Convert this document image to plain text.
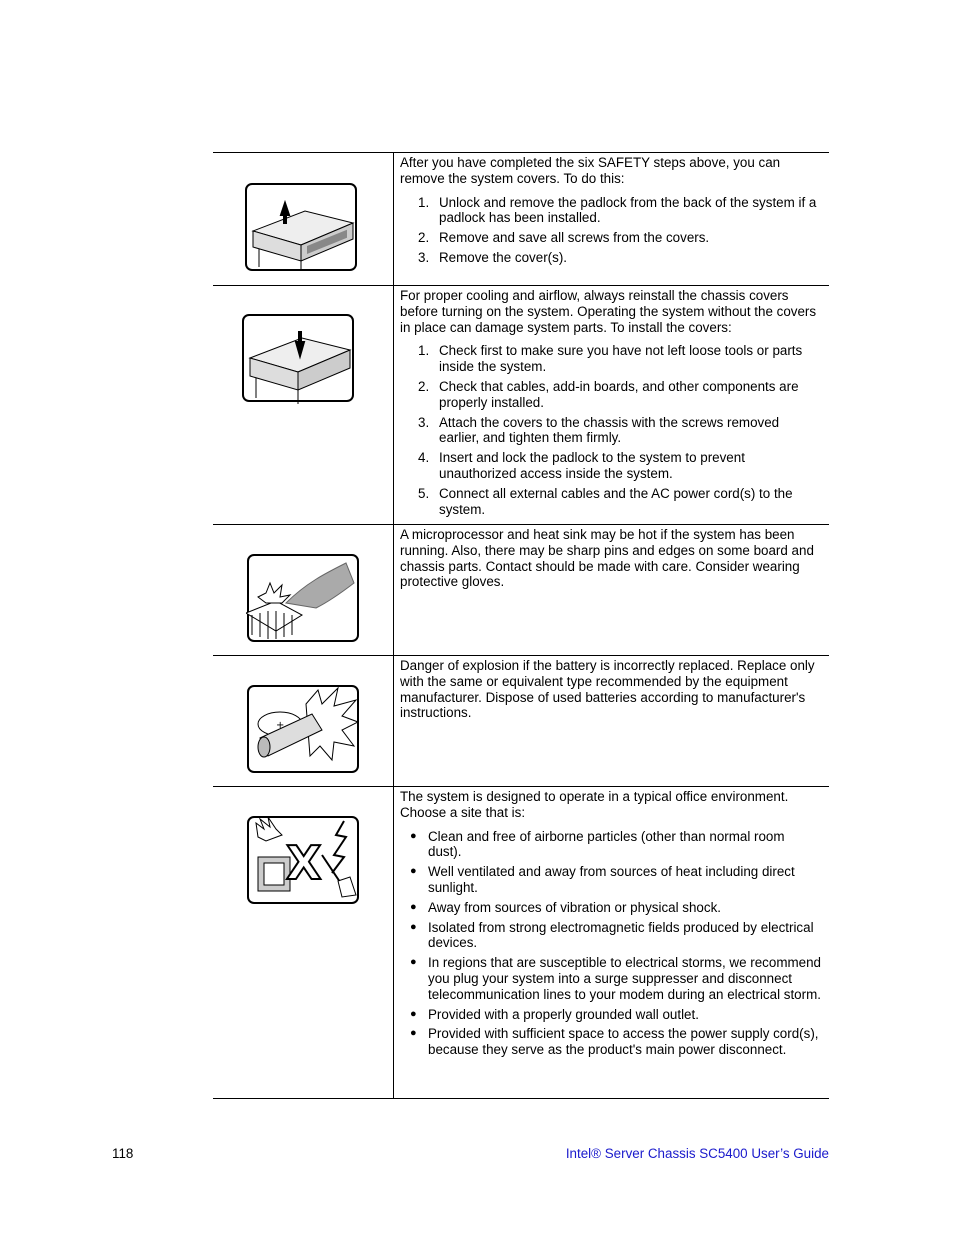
After you have completed the six SAFETY steps above, you can remove the system covers. To do this:

1. Unlock and remove the padlock from the back of the system if a padlock has been installed.
2. Remove and save all screws from the covers.
3. Remove the cover(s).

For proper cooling and airflow, always reinstall the chassis covers before turning on the system. Operating the system without the covers in place can damage system parts. To install the covers:

1. Check first to make sure you have not left loose tools or parts inside the system.
2. Check that cables, add-in boards, and other components are properly installed.
3. Attach the covers to the chassis with the screws removed earlier, and tighten them firmly.
4. Insert and lock the padlock to the system to prevent unauthorized access inside the system.
5. Connect all external cables and the AC power cord(s) to the system.

A microprocessor and heat sink may be hot if the system has been running. Also, there may be sharp pins and edges on some board and chassis parts. Contact should be made with care. Consider wearing protective gloves.

+

Danger of explosion if the battery is incorrectly replaced. Replace only with the same or equivalent type recommended by the equipment manufacturer. Dispose of used batteries according to manufacturer's instructions.

X

The system is designed to operate in a typical office environment. Choose a site that is:

● Clean and free of airborne particles (other than normal room dust).
● Well ventilated and away from sources of heat including direct sunlight.
● Away from sources of vibration or physical shock.
● Isolated from strong electromagnetic fields produced by electrical devices.
● In regions that are susceptible to electrical storms, we recommend you plug your system into a surge suppresser and disconnect telecommunication lines to your modem during an electrical storm.
● Provided with a properly grounded wall outlet.
● Provided with sufficient space to access the power supply cord(s), because they serve as the product's main power disconnect.
118	Intel® Server Chassis SC5400 User’s Guide
